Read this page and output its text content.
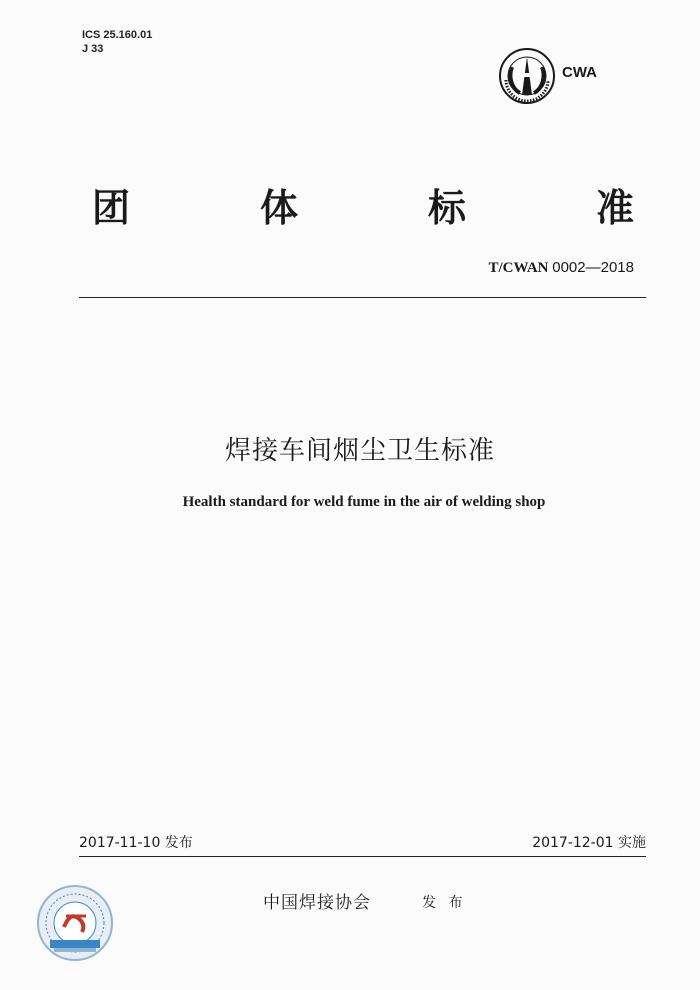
ICS 25.160.01
J 33
CWA
团	体	标	准
T/CWAN 0002—2018
焊接车间烟尘卫生标准
Health standard for weld fume in the air of welding shop
2017-11-10 发布	2017-12-01 实施
中国焊接协会	发 布
